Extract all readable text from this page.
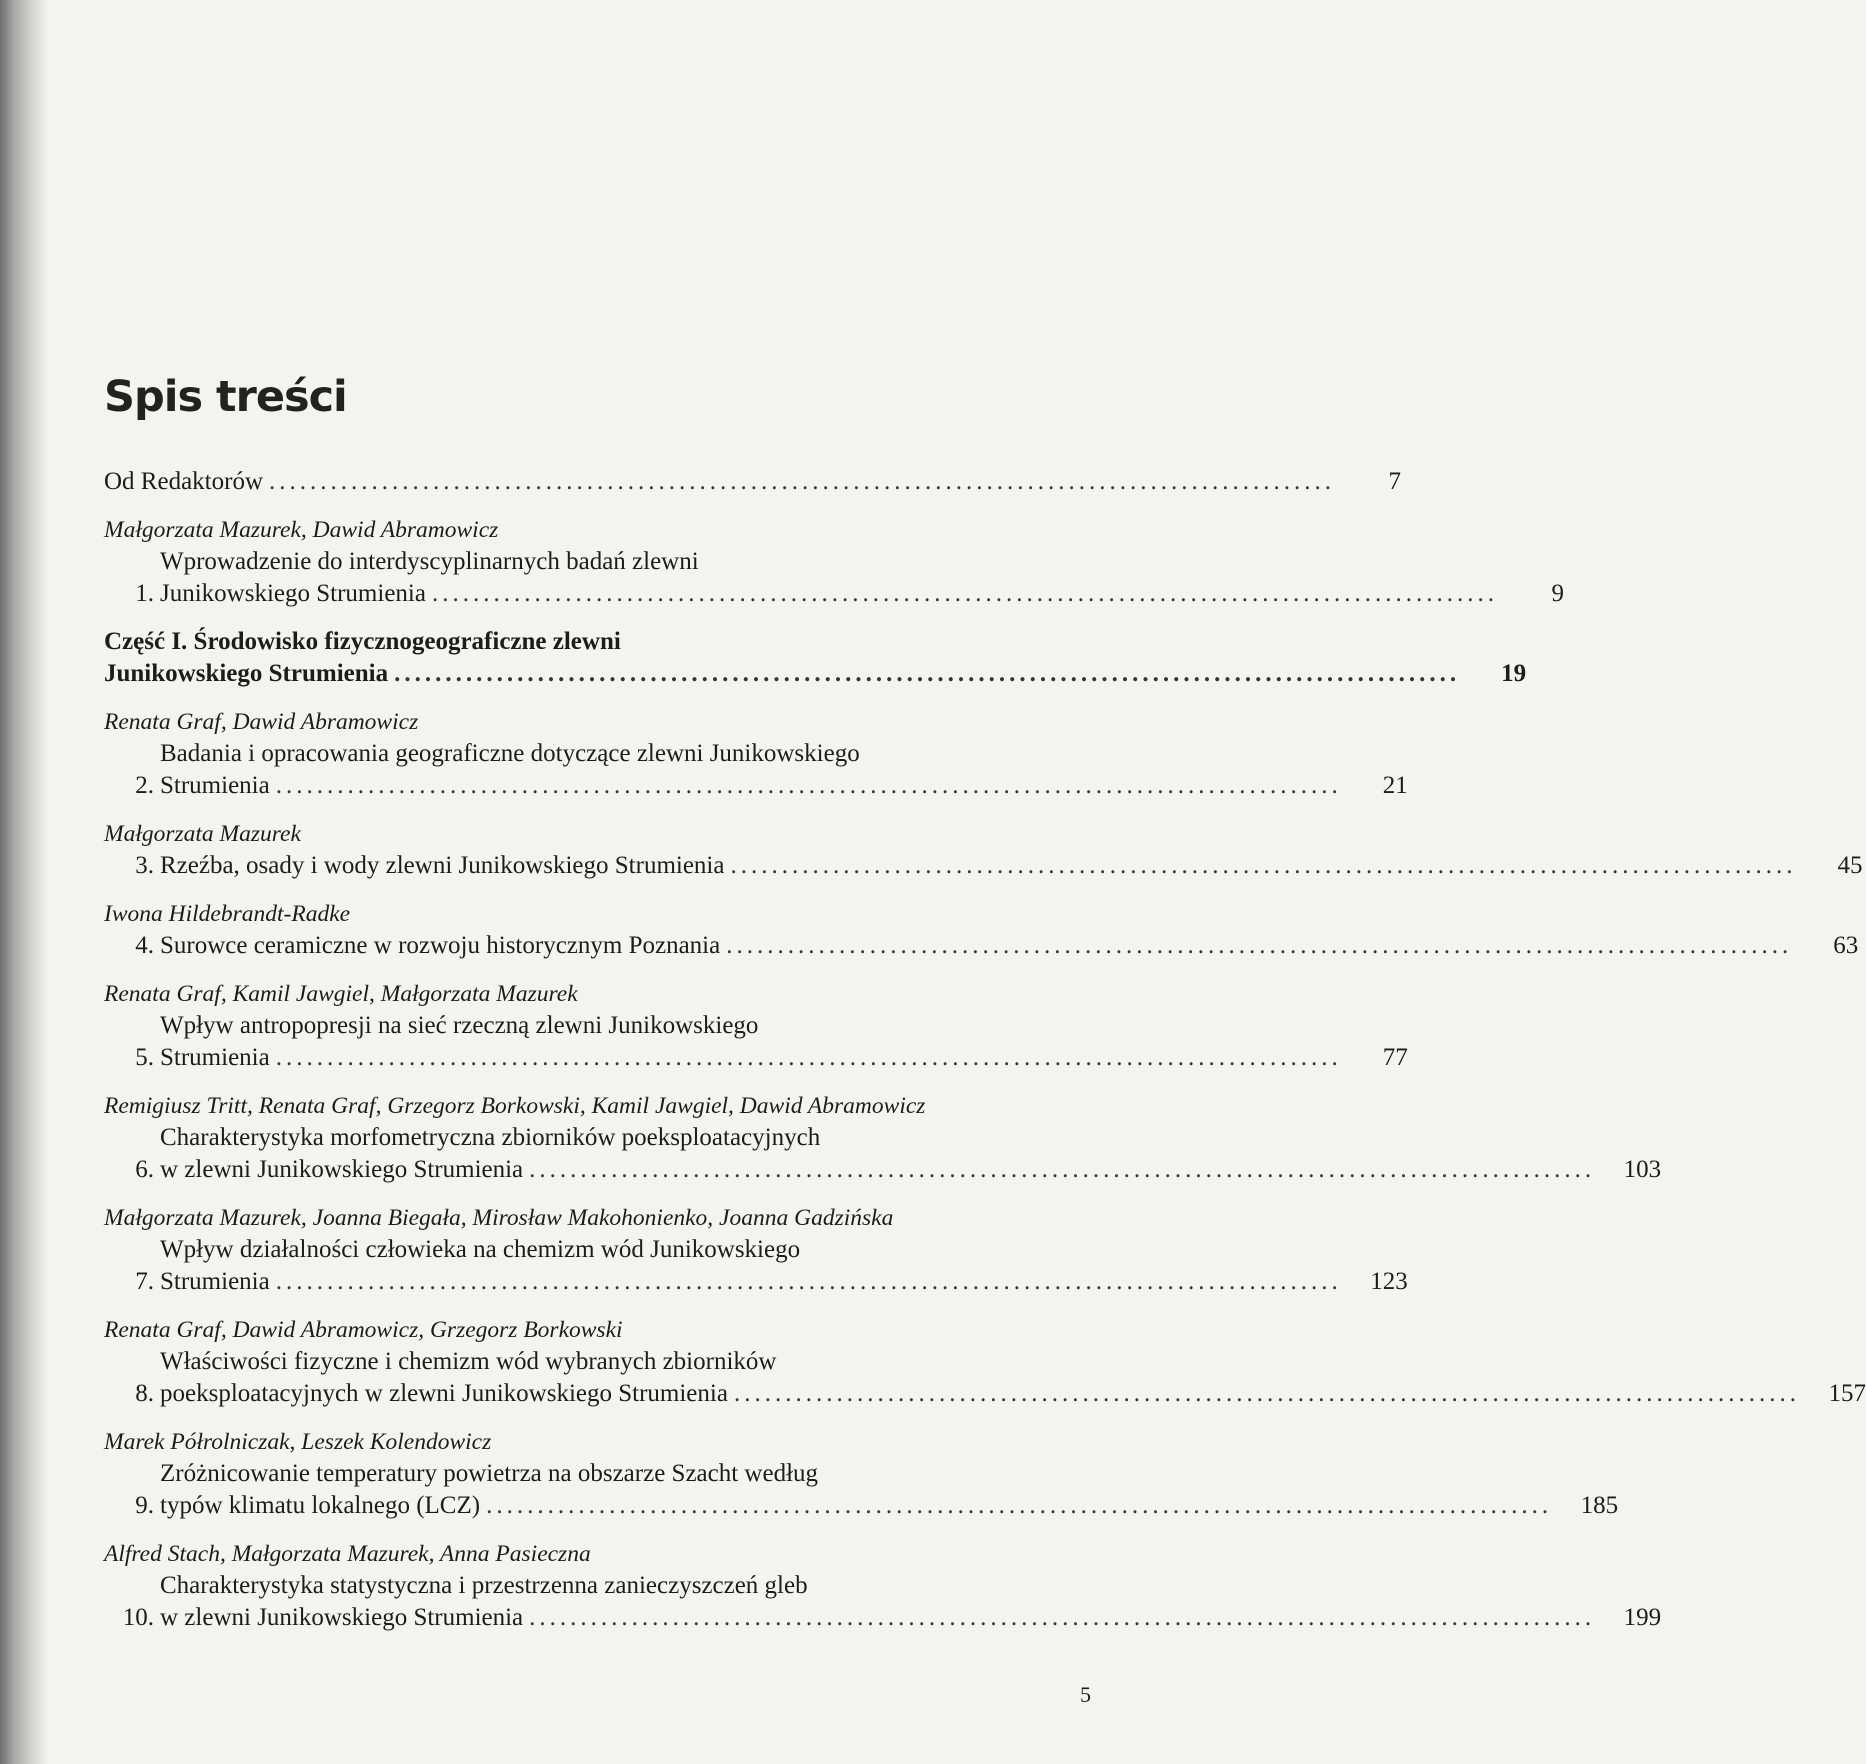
Spis treści
Od Redaktorów ........................................................................................................	7
Małgorzata Mazurek, Dawid Abramowicz
1.
Wprowadzenie do interdyscyplinarnych badań zlewni
Junikowskiego Strumienia ........................................................................................................	9
Część I. Środowisko fizycznogeograficzne zlewni
Junikowskiego Strumienia ........................................................................................................	19
Renata Graf, Dawid Abramowicz
2.
Badania i opracowania geograficzne dotyczące zlewni Junikowskiego
Strumienia ........................................................................................................	21
Małgorzata Mazurek
3. Rzeźba, osady i wody zlewni Junikowskiego Strumienia ........................................................................................................	45
Iwona Hildebrandt-Radke
4. Surowce ceramiczne w rozwoju historycznym Poznania ........................................................................................................	63
Renata Graf, Kamil Jawgiel, Małgorzata Mazurek
5.
Wpływ antropopresji na sieć rzeczną zlewni Junikowskiego
Strumienia ........................................................................................................	77
Remigiusz Tritt, Renata Graf, Grzegorz Borkowski, Kamil Jawgiel, Dawid Abramowicz
6.
Charakterystyka morfometryczna zbiorników poeksploatacyjnych
w zlewni Junikowskiego Strumienia ........................................................................................................	103
Małgorzata Mazurek, Joanna Biegała, Mirosław Makohonienko, Joanna Gadzińska
7.
Wpływ działalności człowieka na chemizm wód Junikowskiego
Strumienia ........................................................................................................	123
Renata Graf, Dawid Abramowicz, Grzegorz Borkowski
8.
Właściwości fizyczne i chemizm wód wybranych zbiorników
poeksploatacyjnych w zlewni Junikowskiego Strumienia ........................................................................................................	157
Marek Półrolniczak, Leszek Kolendowicz
9.
Zróżnicowanie temperatury powietrza na obszarze Szacht według
typów klimatu lokalnego (LCZ) ........................................................................................................	185
Alfred Stach, Małgorzata Mazurek, Anna Pasieczna
10.
Charakterystyka statystyczna i przestrzenna zanieczyszczeń gleb
w zlewni Junikowskiego Strumienia ........................................................................................................	199
5
